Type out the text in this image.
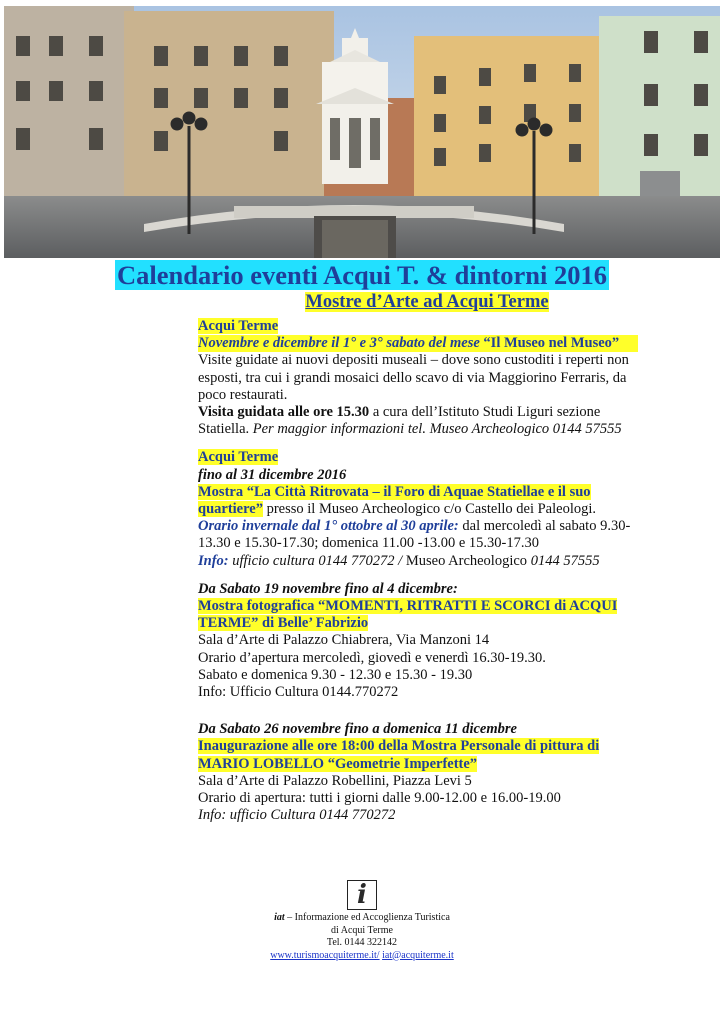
Calendario eventi Acqui T. & dintorni 2016
Mostre d’Arte ad Acqui Terme
Acqui Terme
Novembre e dicembre il 1° e 3° sabato del mese “Il Museo nel Museo”
Visite guidate ai nuovi depositi museali – dove sono custoditi i reperti non esposti, tra cui i grandi mosaici dello scavo di via Maggiorino Ferraris, da poco restaurati.
Visita guidata alle ore 15.30 a cura dell’Istituto Studi Liguri sezione Statiella. Per maggior informazioni tel. Museo Archeologico 0144 57555
Acqui Terme
fino al 31 dicembre 2016
Mostra “La Città Ritrovata – il Foro di Aquae Statiellae e il suo quartiere” presso il Museo Archeologico c/o Castello dei Paleologi.
Orario invernale dal 1° ottobre al 30 aprile: dal mercoledì al sabato 9.30-13.30 e 15.30-17.30; domenica 11.00 -13.00 e 15.30-17.30
Info: ufficio cultura 0144 770272 / Museo Archeologico 0144 57555
Da Sabato 19 novembre fino al 4 dicembre:
Mostra fotografica “MOMENTI, RITRATTI E SCORCI di ACQUI TERME” di Belle’ Fabrizio
Sala d’Arte di Palazzo Chiabrera, Via Manzoni 14
Orario d’apertura mercoledì, giovedì e venerdì 16.30-19.30.
Sabato e domenica 9.30 - 12.30 e 15.30 - 19.30
Info: Ufficio Cultura 0144.770272
Da Sabato 26 novembre fino a domenica 11 dicembre
Inaugurazione alle ore 18:00 della Mostra Personale di pittura di MARIO LOBELLO “Geometrie Imperfette”
Sala d’Arte di Palazzo Robellini, Piazza Levi 5
Orario di apertura: tutti i giorni dalle 9.00-12.00 e 16.00-19.00
Info: ufficio Cultura 0144 770272
i
iat – Informazione ed Accoglienza Turistica
di Acqui Terme
Tel. 0144 322142
www.turismoacquiterme.it/ iat@acquiterme.it
